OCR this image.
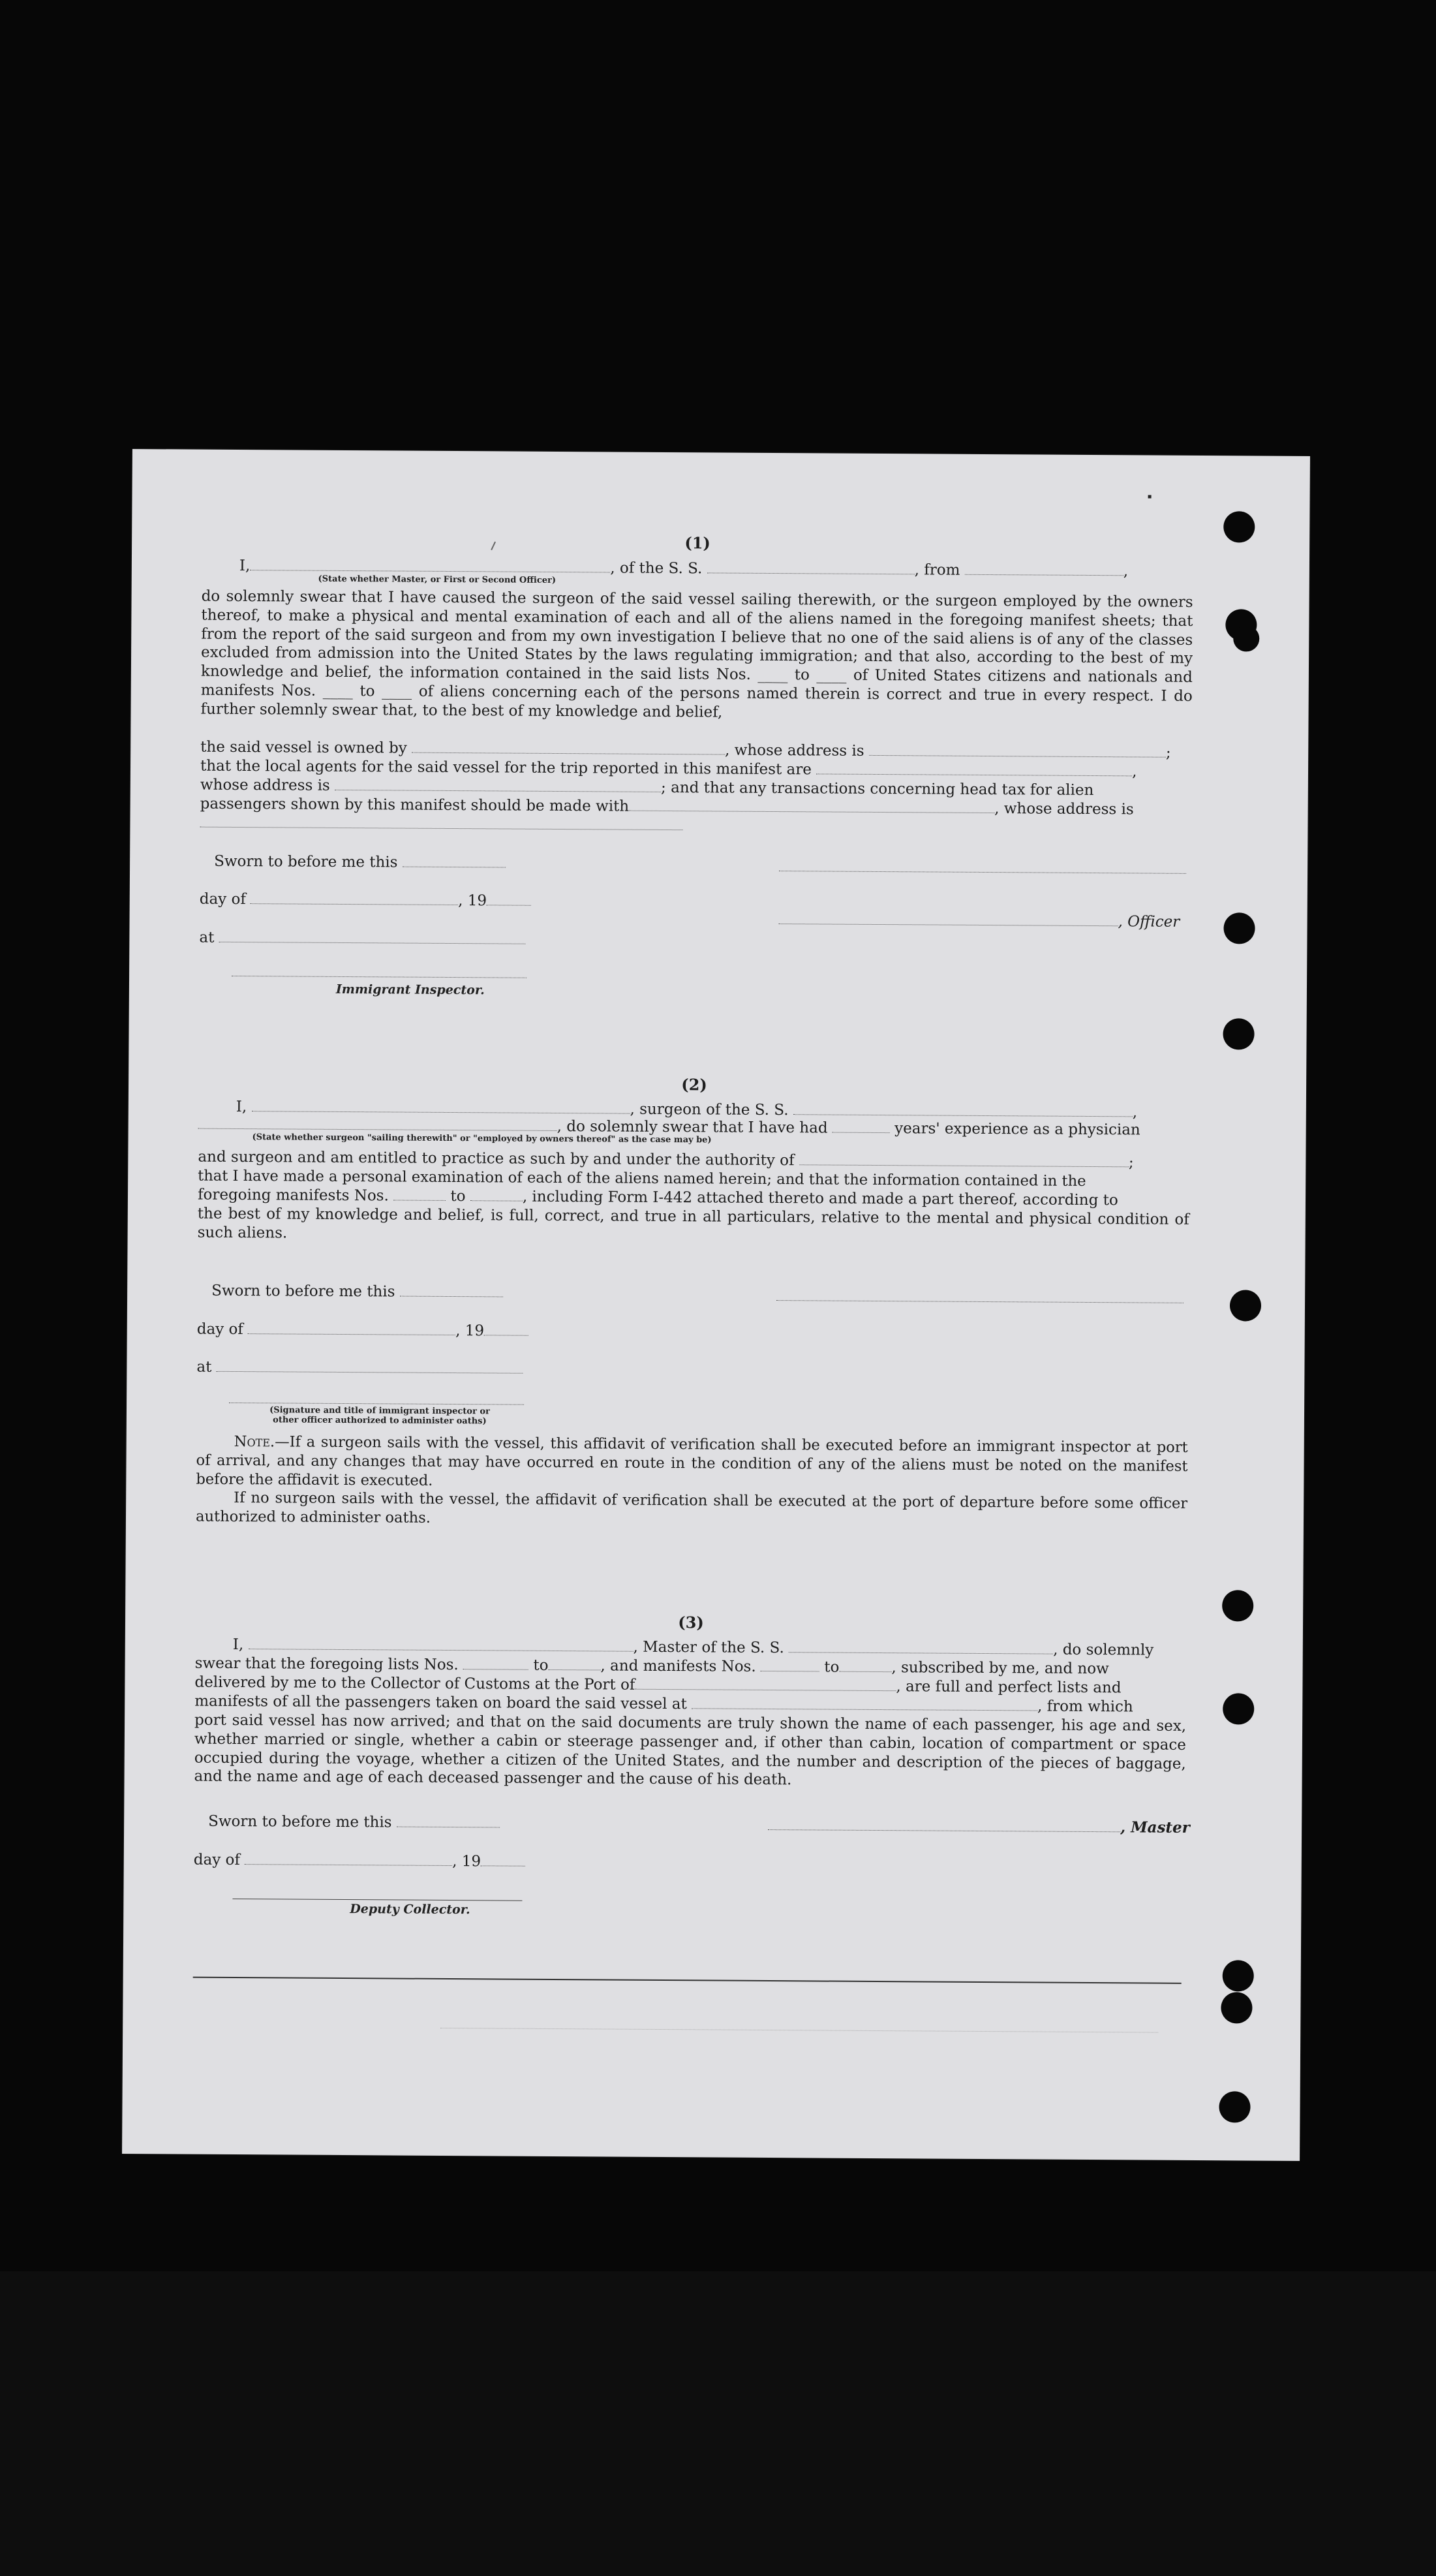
(1)
I,	, of the S. S.	, from	,
(State whether Master, or First or Second Officer)
do solemnly swear that I have caused the surgeon of the said vessel sailing therewith, or the surgeon employed by the owners thereof, to make a physical and mental examination of each and all of the aliens named in the foregoing manifest sheets; that from the report of the said surgeon and from my own investigation I believe that no one of the said aliens is of any of the classes excluded from admission into the United States by the laws regulating immigration; and that also, according to the best of my knowledge and belief, the information contained in the said lists Nos. ____ to ____ of United States citizens and nationals and manifests Nos. ____ to ____ of aliens concerning each of the persons named therein is correct and true in every respect. I do further solemnly swear that, to the best of my knowledge and belief,
the said vessel is owned by	, whose address is	;
that the local agents for the said vessel for the trip reported in this manifest are	,
whose address is	; and that any transactions concerning head tax for alien
passengers shown by this manifest should be made with	, whose address is
Sworn to before me this
day of	, 19
, Officer
at
Immigrant Inspector.
(2)
I,	, surgeon of the S. S.	,
, do solemnly swear that I have had	years' experience as a physician
(State whether surgeon "sailing therewith" or "employed by owners thereof" as the case may be)
and surgeon and am entitled to practice as such by and under the authority of	;
that I have made a personal examination of each of the aliens named herein; and that the information contained in the
foregoing manifests Nos.	to	, including Form I-442 attached thereto and made a part thereof, according to
the best of my knowledge and belief, is full, correct, and true in all particulars, relative to the mental and physical condition of such aliens.
Sworn to before me this
day of	, 19
at
(Signature and title of immigrant inspector or other officer authorized to administer oaths)
Note.—If a surgeon sails with the vessel, this affidavit of verification shall be executed before an immigrant inspector at port of arrival, and any changes that may have occurred en route in the condition of any of the aliens must be noted on the manifest before the affidavit is executed.
If no surgeon sails with the vessel, the affidavit of verification shall be executed at the port of departure before some officer authorized to administer oaths.
(3)
I,	, Master of the S. S.	, do solemnly
swear that the foregoing lists Nos.	to	, and manifests Nos.	to	, subscribed by me, and now
delivered by me to the Collector of Customs at the Port of	, are full and perfect lists and
manifests of all the passengers taken on board the said vessel at	, from which
port said vessel has now arrived; and that on the said documents are truly shown the name of each passenger, his age and sex, whether married or single, whether a cabin or steerage passenger and, if other than cabin, location of compartment or space occupied during the voyage, whether a citizen of the United States, and the number and description of the pieces of baggage, and the name and age of each deceased passenger and the cause of his death.
Sworn to before me this	, Master
day of	, 19
Deputy Collector.
